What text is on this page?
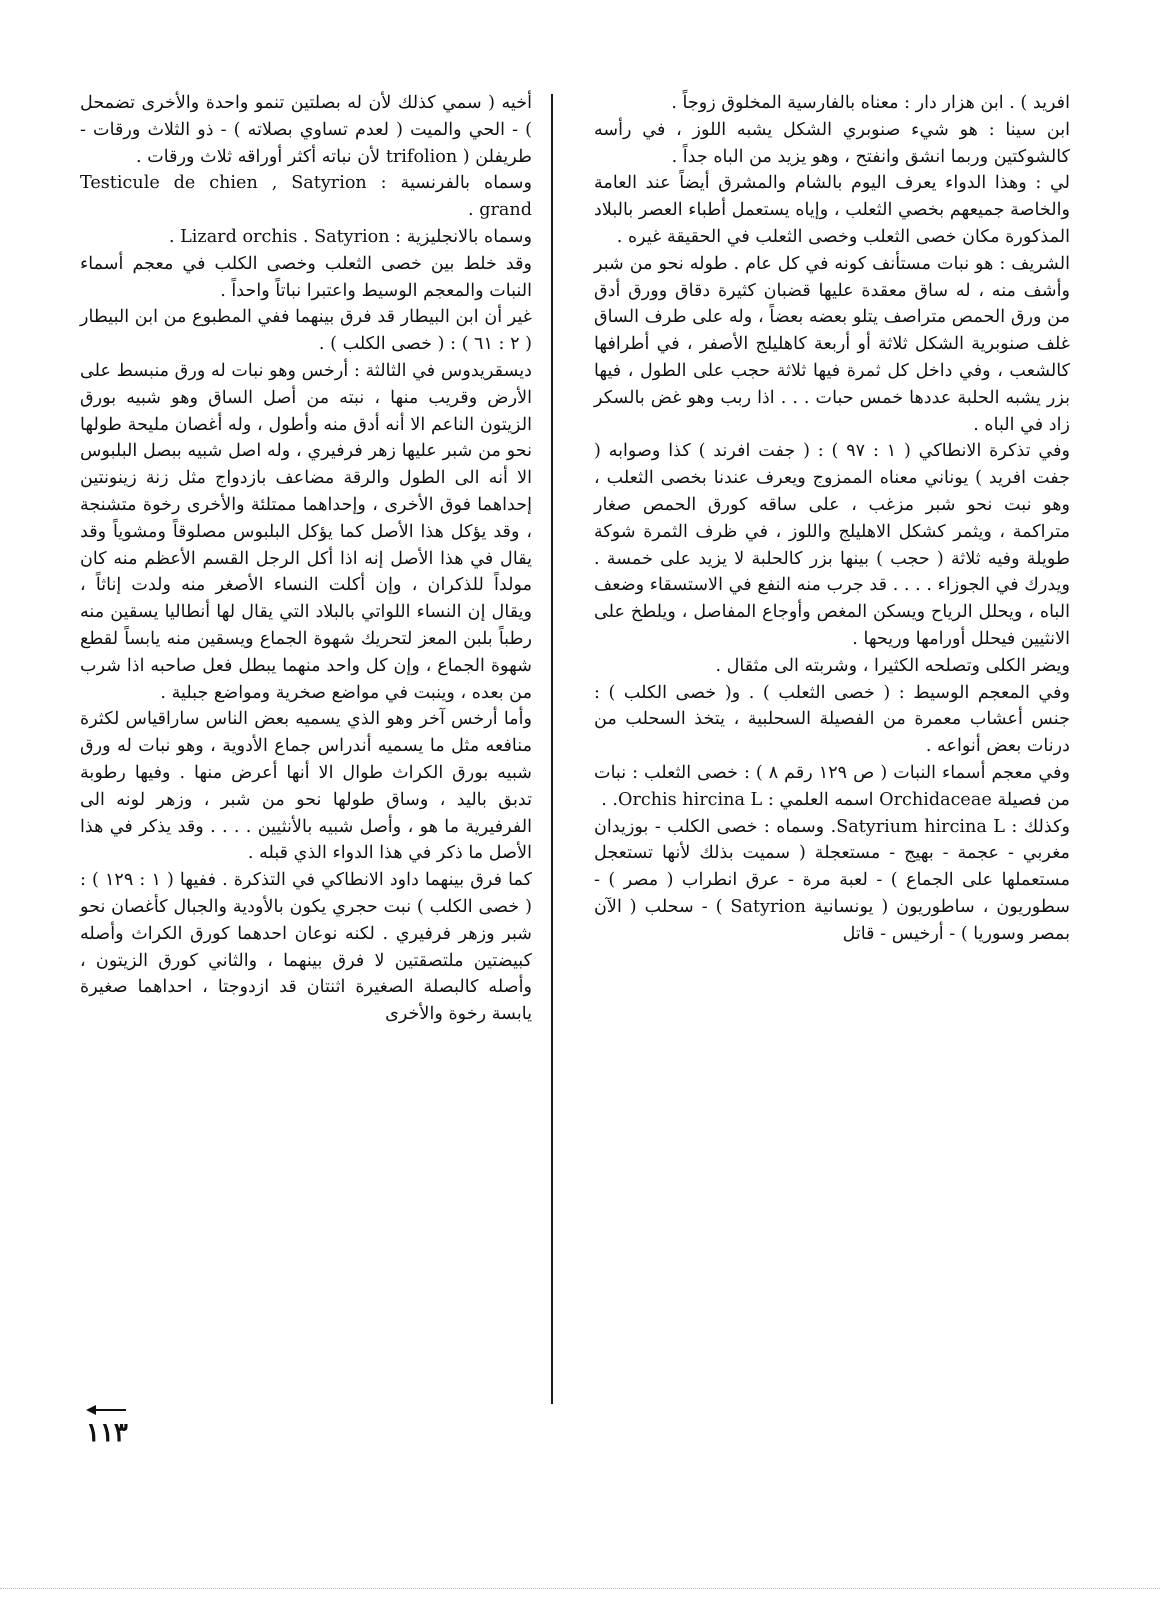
افريد ) . ابن هزار دار : معناه بالفارسية المخلوق زوجاً .

ابن سينا : هو شيء صنوبري الشكل يشبه اللوز ، في رأسه كالشوكتين وربما انشق وانفتح ، وهو يزيد من الباه جداً .

لي : وهذا الدواء يعرف اليوم بالشام والمشرق أيضاً عند العامة والخاصة جميعهم بخصي الثعلب ، وإياه يستعمل أطباء العصر بالبلاد المذكورة مكان خصى الثعلب وخصى الثعلب في الحقيقة غيره .

الشريف : هو نبات مستأنف كونه في كل عام . طوله نحو من شبر وأشف منه ، له ساق معقدة عليها قضبان كثيرة دقاق وورق أدق من ورق الحمص متراصف يتلو بعضه بعضاً ، وله على طرف الساق غلف صنوبرية الشكل ثلاثة أو أربعة كاهليلج الأصفر ، في أطرافها كالشعب ، وفي داخل كل ثمرة فيها ثلاثة حجب على الطول ، فيها بزر يشبه الحلبة عددها خمس حبات . . . اذا ربب وهو غض بالسكر زاد في الباه .

وفي تذكرة الانطاكي ( ١ : ٩٧ ) : ( جفت افرند ) كذا وصوابه ( جفت افريد ) يوناني معناه الممزوج ويعرف عندنا بخصى الثعلب ، وهو نبت نحو شبر مزغب ، على ساقه كورق الحمص صغار متراكمة ، ويثمر كشكل الاهليلج واللوز ، في ظرف الثمرة شوكة طويلة وفيه ثلاثة ( حجب ) بينها بزر كالحلبة لا يزيد على خمسة . ويدرك في الجوزاء . . . . قد جرب منه النفع في الاستسقاء وضعف الباه ، ويحلل الرياح ويسكن المغص وأوجاع المفاصل ، ويلطخ على الانثيين فيحلل أورامها وريحها .

ويضر الكلى وتصلحه الكثيرا ، وشربته الى مثقال .

وفي المعجم الوسيط : ( خصى الثعلب ) . و( خصى الكلب ) : جنس أعشاب معمرة من الفصيلة السحلبية ، يتخذ السحلب من درنات بعض أنواعه .

وفي معجم أسماء النبات ( ص ١٢٩ رقم ٨ ) : خصى الثعلب : نبات من فصيلة Orchidaceae اسمه العلمي : Orchis hircina L. .

وكذلك : Satyrium hircina L. وسماه : خصى الكلب - بوزيدان مغربي - عجمة - بهيج - مستعجلة ( سميت بذلك لأنها تستعجل مستعملها على الجماع ) - لعبة مرة - عرق انطراب ( مصر ) - سطوريون ، ساطوريون ( يونسانية Satyrion ) - سحلب ( الآن بمصر وسوريا ) - أرخيس - قاتل

أخيه ( سمي كذلك لأن له بصلتين تنمو واحدة والأخرى تضمحل ) - الحي والميت ( لعدم تساوي بصلاته ) - ذو الثلاث ورقات - طريفلن ( trifolion لأن نباته أكثر أوراقه ثلاث ورقات .

وسماه بالفرنسية : Testicule de chien , Satyrion grand .

وسماه بالانجليزية : Lizard orchis . Satyrion .

وقد خلط بين خصى الثعلب وخصى الكلب في معجم أسماء النبات والمعجم الوسيط واعتبرا نباتاً واحداً .

غير أن ابن البيطار قد فرق بينهما ففي المطبوع من ابن البيطار ( ٢ : ٦١ ) : ( خصى الكلب ) .

ديسقريدوس في الثالثة : أرخس وهو نبات له ورق منبسط على الأرض وقريب منها ، نبته من أصل الساق وهو شبيه بورق الزيتون الناعم الا أنه أدق منه وأطول ، وله أغصان مليحة طولها نحو من شبر عليها زهر فرفيري ، وله اصل شبيه ببصل البلبوس الا أنه الى الطول والرقة مضاعف بازدواج مثل زنة زينونتين إحداهما فوق الأخرى ، وإحداهما ممتلئة والأخرى رخوة متشنجة ، وقد يؤكل هذا الأصل كما يؤكل البلبوس مصلوقاً ومشوياً وقد يقال في هذا الأصل إنه اذا أكل الرجل القسم الأعظم منه كان مولداً للذكران ، وإن أكلت النساء الأصغر منه ولدت إناثاً ، ويقال إن النساء اللواتي بالبلاد التي يقال لها أنطاليا يسقين منه رطباً بلبن المعز لتحريك شهوة الجماع ويسقين منه يابساً لقطع شهوة الجماع ، وإن كل واحد منهما يبطل فعل صاحبه اذا شرب من بعده ، وينبت في مواضع صخرية ومواضع جبلية .

وأما أرخس آخر وهو الذي يسميه بعض الناس ساراقياس لكثرة منافعه مثل ما يسميه أندراس جماع الأدوية ، وهو نبات له ورق شبيه بورق الكراث طوال الا أنها أعرض منها . وفيها رطوبة تدبق باليد ، وساق طولها نحو من شبر ، وزهر لونه الى الفرفيرية ما هو ، وأصل شبيه بالأنثيين . . . . وقد يذكر في هذا الأصل ما ذكر في هذا الدواء الذي قبله .

كما فرق بينهما داود الانطاكي في التذكرة . ففيها ( ١ : ١٢٩ ) : ( خصى الكلب ) نبت حجري يكون بالأودية والجبال كأغصان نحو شبر وزهر فرفيري . لكنه نوعان احدهما كورق الكراث وأصله كبيضتين ملتصقتين لا فرق بينهما ، والثاني كورق الزيتون ، وأصله كالبصلة الصغيرة اثنتان قد ازدوجتا ، احداهما صغيرة يابسة رخوة والأخرى

١١٣
